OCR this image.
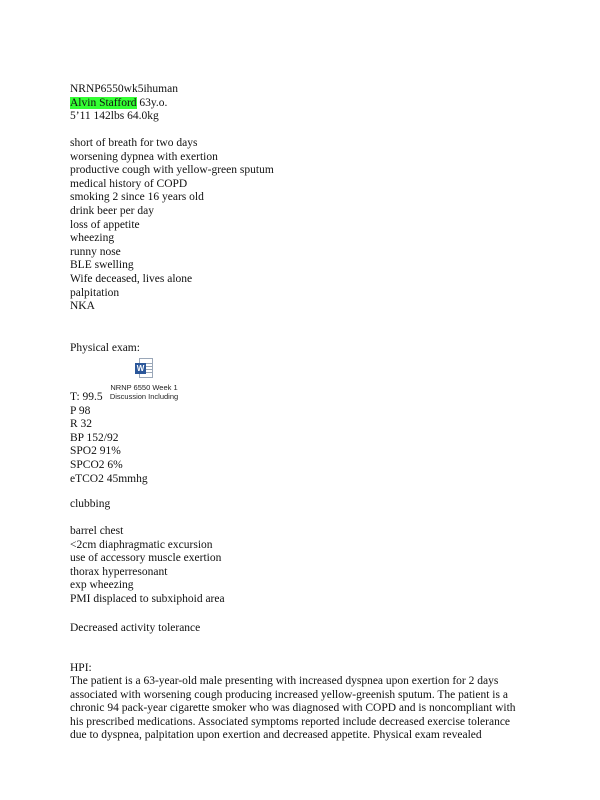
NRNP6550wk5ihuman
Alvin Stafford 63y.o.
5’11 142lbs 64.0kg
short of breath for two days
worsening dypnea with exertion
productive cough with yellow-green sputum
medical history of COPD
smoking 2 since 16 years old
drink beer per day
loss of appetite
wheezing
runny nose
BLE swelling
Wife deceased, lives alone
palpitation
NKA
Physical exam:
W
NRNP 6550 Week 1
Discussion Including
T: 99.5
P 98
R 32
BP 152/92
SPO2 91%
SPCO2 6%
eTCO2 45mmhg
clubbing
barrel chest
<2cm diaphragmatic excursion
use of accessory muscle exertion
thorax hyperresonant
exp wheezing
PMI displaced to subxiphoid area
Decreased activity tolerance
HPI:
The patient is a 63-year-old male presenting with increased dyspnea upon exertion for 2 days
associated with worsening cough producing increased yellow-greenish sputum. The patient is a
chronic 94 pack-year cigarette smoker who was diagnosed with COPD and is noncompliant with
his prescribed medications. Associated symptoms reported include decreased exercise tolerance
due to dyspnea, palpitation upon exertion and decreased appetite. Physical exam revealed
